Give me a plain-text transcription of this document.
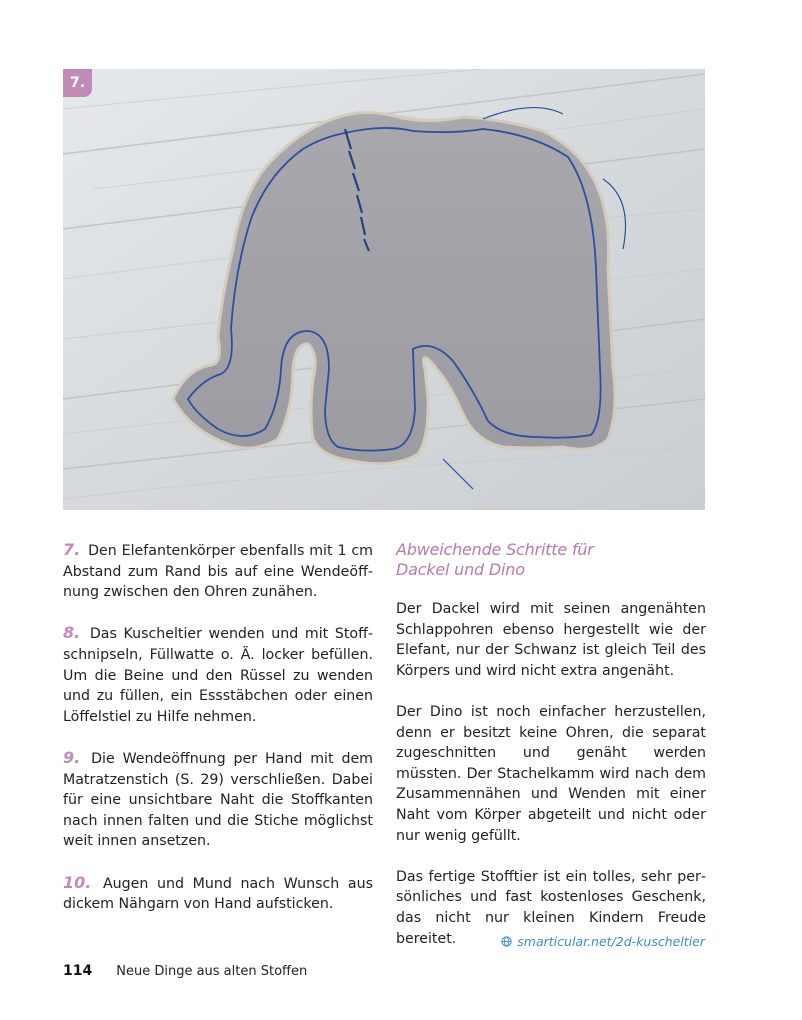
7.

7. Den Elefantenkörper ebenfalls mit 1 cm Abstand zum Rand bis auf eine Wendeöffnung zwischen den Ohren zunähen.

8. Das Kuscheltier wenden und mit Stoffschnipseln, Füllwatte o. Ä. locker befüllen. Um die Beine und den Rüssel zu wenden und zu füllen, ein Essstäbchen oder einen Löffelstiel zu Hilfe nehmen.

9. Die Wendeöffnung per Hand mit dem Matratzenstich (S. 29) verschließen. Dabei für eine unsichtbare Naht die Stoffkanten nach innen falten und die Stiche möglichst weit innen ansetzen.

10. Augen und Mund nach Wunsch aus dickem Nähgarn von Hand aufsticken.

Abweichende Schritte für
Dackel und Dino

Der Dackel wird mit seinen angenähten Schlappohren ebenso hergestellt wie der Elefant, nur der Schwanz ist gleich Teil des Körpers und wird nicht extra angenäht.

Der Dino ist noch einfacher herzustellen, denn er besitzt keine Ohren, die separat zugeschnitten und genäht werden müssten. Der Stachelkamm wird nach dem Zusammennähen und Wenden mit einer Naht vom Körper abgeteilt und nicht oder nur wenig gefüllt.

Das fertige Stofftier ist ein tolles, sehr persönliches und fast kostenloses Geschenk, das nicht nur kleinen Kindern Freude bereitet.	smarticular.net/2d-kuscheltier
114 Neue Dinge aus alten Stoffen
